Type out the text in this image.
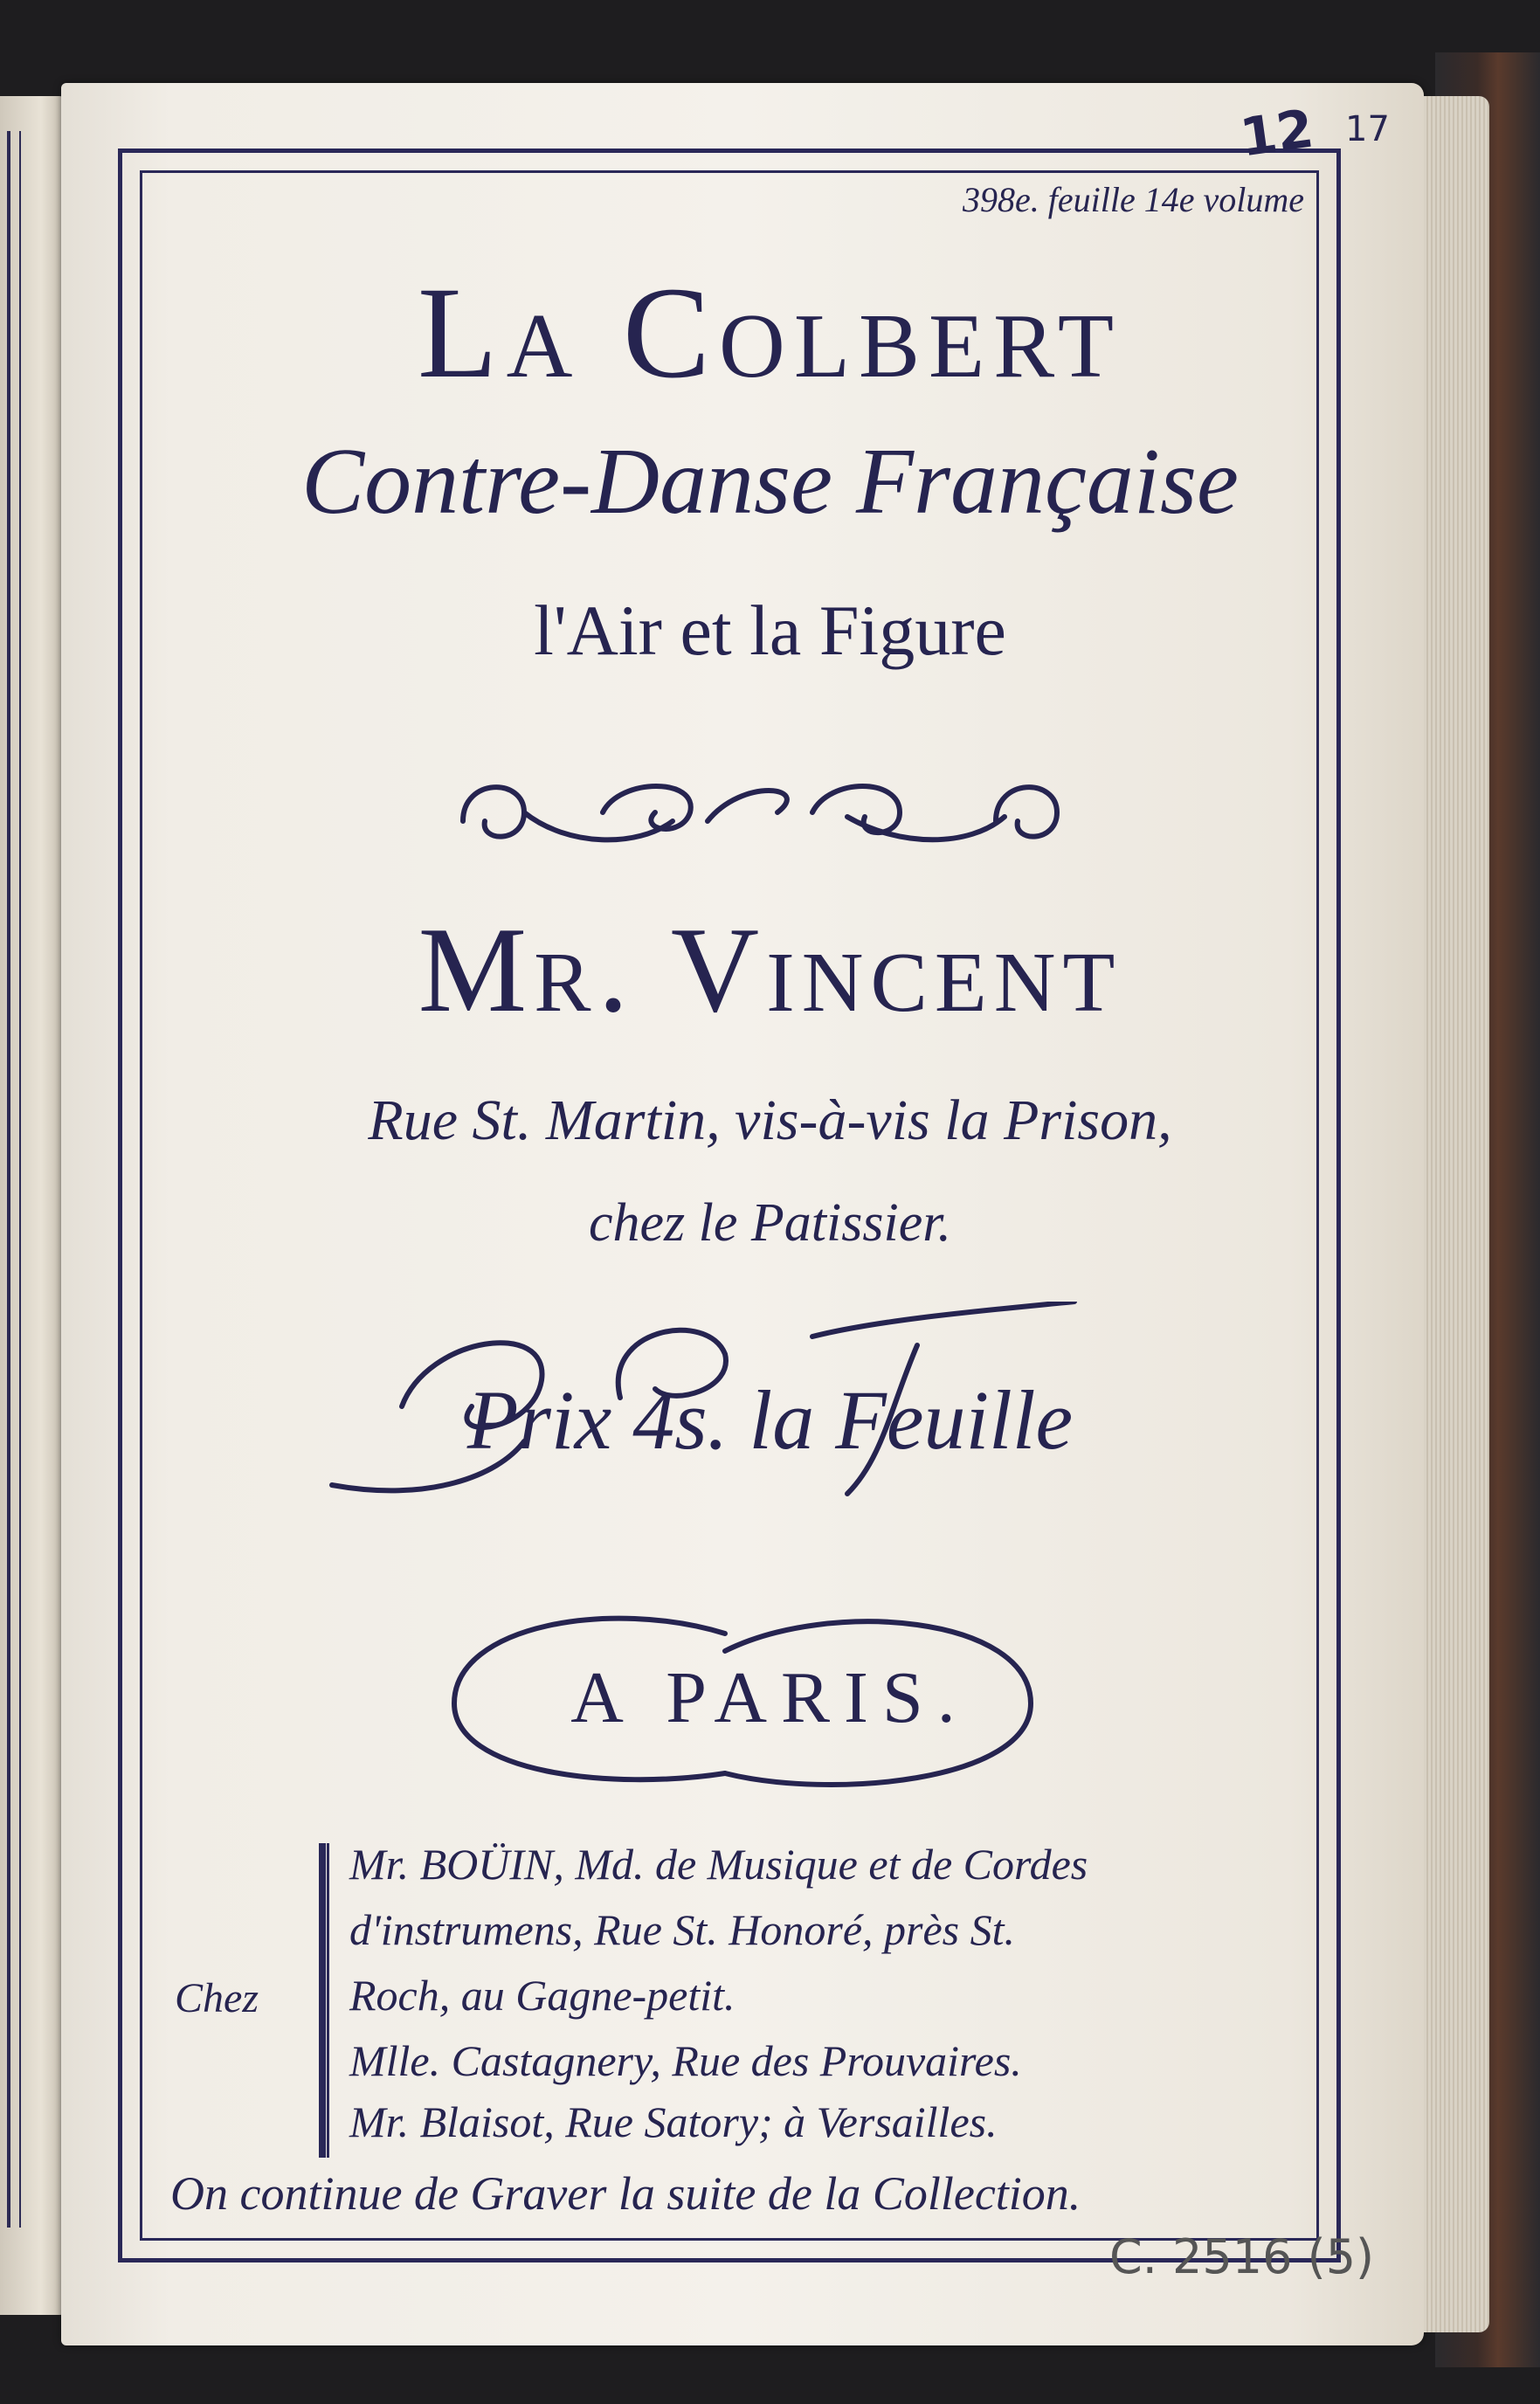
12 17
398e. feuille 14e volume
La Colbert
Contre-Danse Française
l'Air et la Figure
Mr. Vincent
Rue St. Martin, vis-à-vis la Prison,
chez le Patissier.
Prix 4s. la Feuille
A PARIS.
Chez
Mr. BOÜIN, Md. de Musique et de Cordes
d'instrumens, Rue St. Honoré, près St.
Roch, au Gagne-petit.
Mlle. Castagnery, Rue des Prouvaires.
Mr. Blaisot, Rue Satory; à Versailles.
On continue de Graver la suite de la Collection.
C. 2516 (5)
